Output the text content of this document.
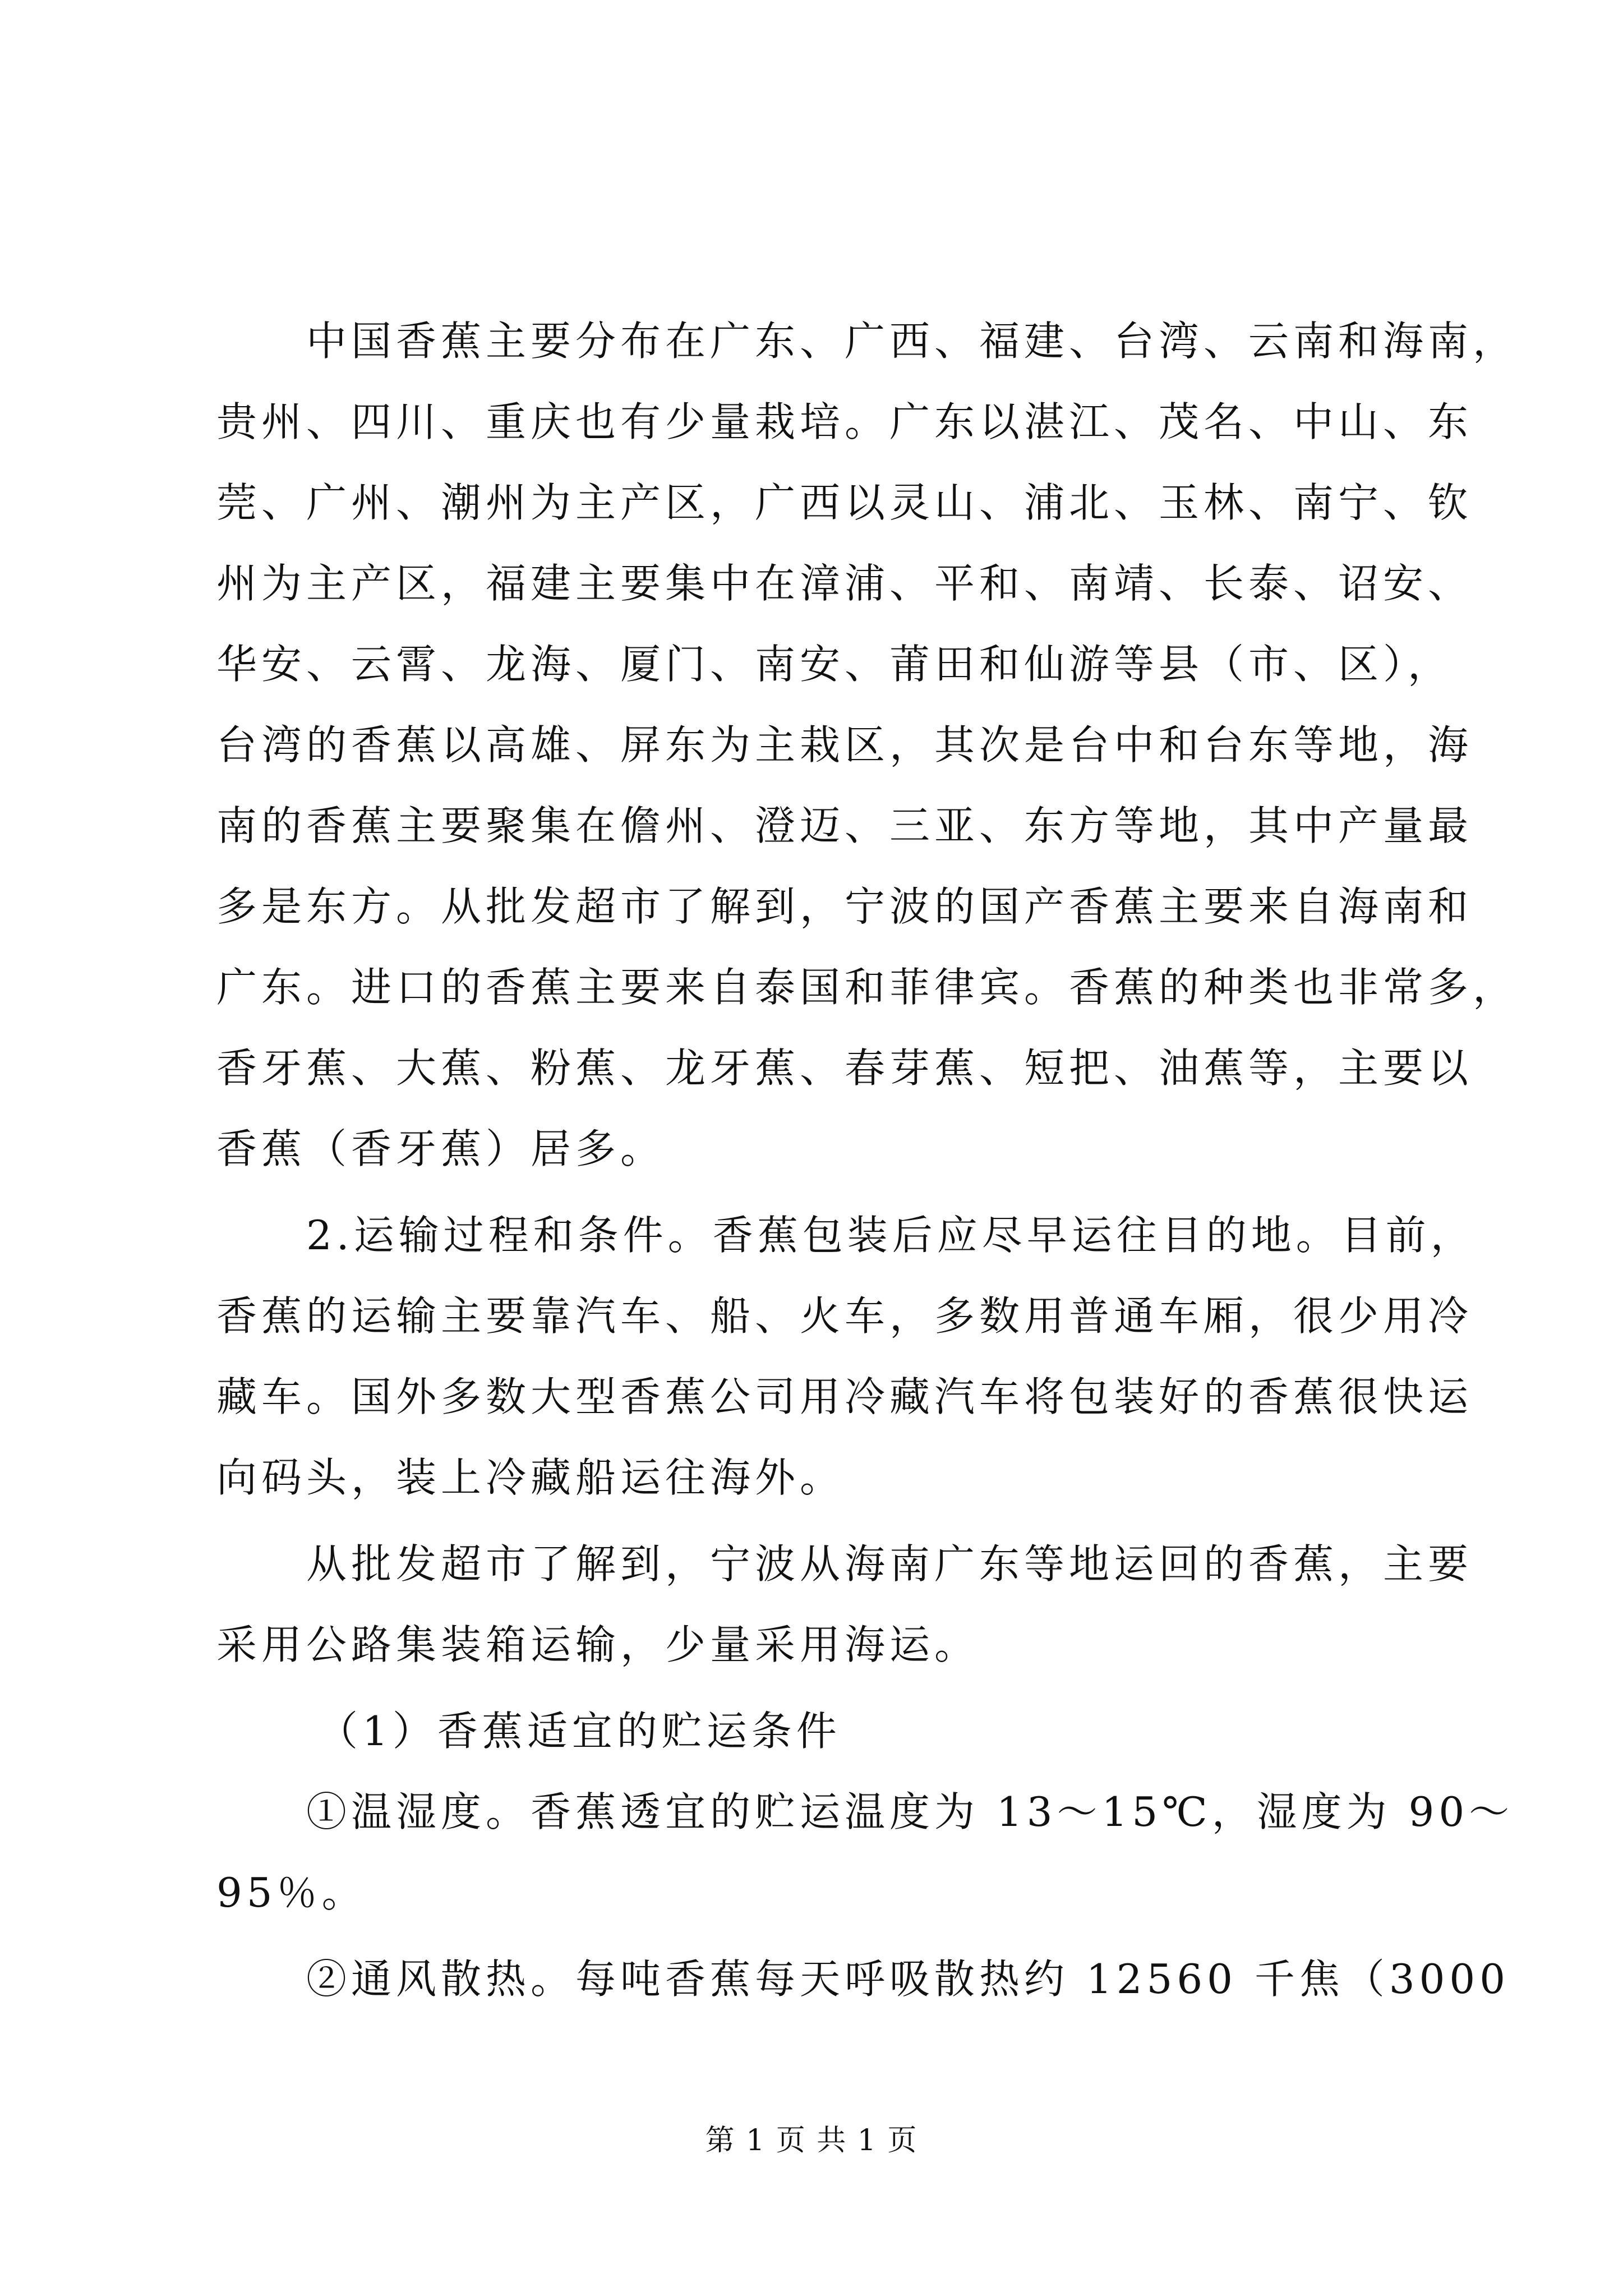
中国香蕉主要分布在广东、广西、福建、台湾、云南和海南，
贵州、四川、重庆也有少量栽培。广东以湛江、茂名、中山、东
莞、广州、潮州为主产区，广西以灵山、浦北、玉林、南宁、钦
州为主产区，福建主要集中在漳浦、平和、南靖、长泰、诏安、
华安、云霄、龙海、厦门、南安、莆田和仙游等县（市、区），
台湾的香蕉以高雄、屏东为主栽区，其次是台中和台东等地，海
南的香蕉主要聚集在儋州、澄迈、三亚、东方等地，其中产量最
多是东方。从批发超市了解到，宁波的国产香蕉主要来自海南和
广东。进口的香蕉主要来自泰国和菲律宾。香蕉的种类也非常多，
香牙蕉、大蕉、粉蕉、龙牙蕉、春芽蕉、短把、油蕉等，主要以
香蕉（香牙蕉）居多。
2.运输过程和条件。香蕉包装后应尽早运往目的地。目前，
香蕉的运输主要靠汽车、船、火车，多数用普通车厢，很少用冷
藏车。国外多数大型香蕉公司用冷藏汽车将包装好的香蕉很快运
向码头，装上冷藏船运往海外。
从批发超市了解到，宁波从海南广东等地运回的香蕉，主要
采用公路集装箱运输，少量采用海运。
（1）香蕉适宜的贮运条件
①温湿度。香蕉透宜的贮运温度为 13～15℃，湿度为 90～
95％。
②通风散热。每吨香蕉每天呼吸散热约 12560 千焦（3000
第 1 页 共 1 页
